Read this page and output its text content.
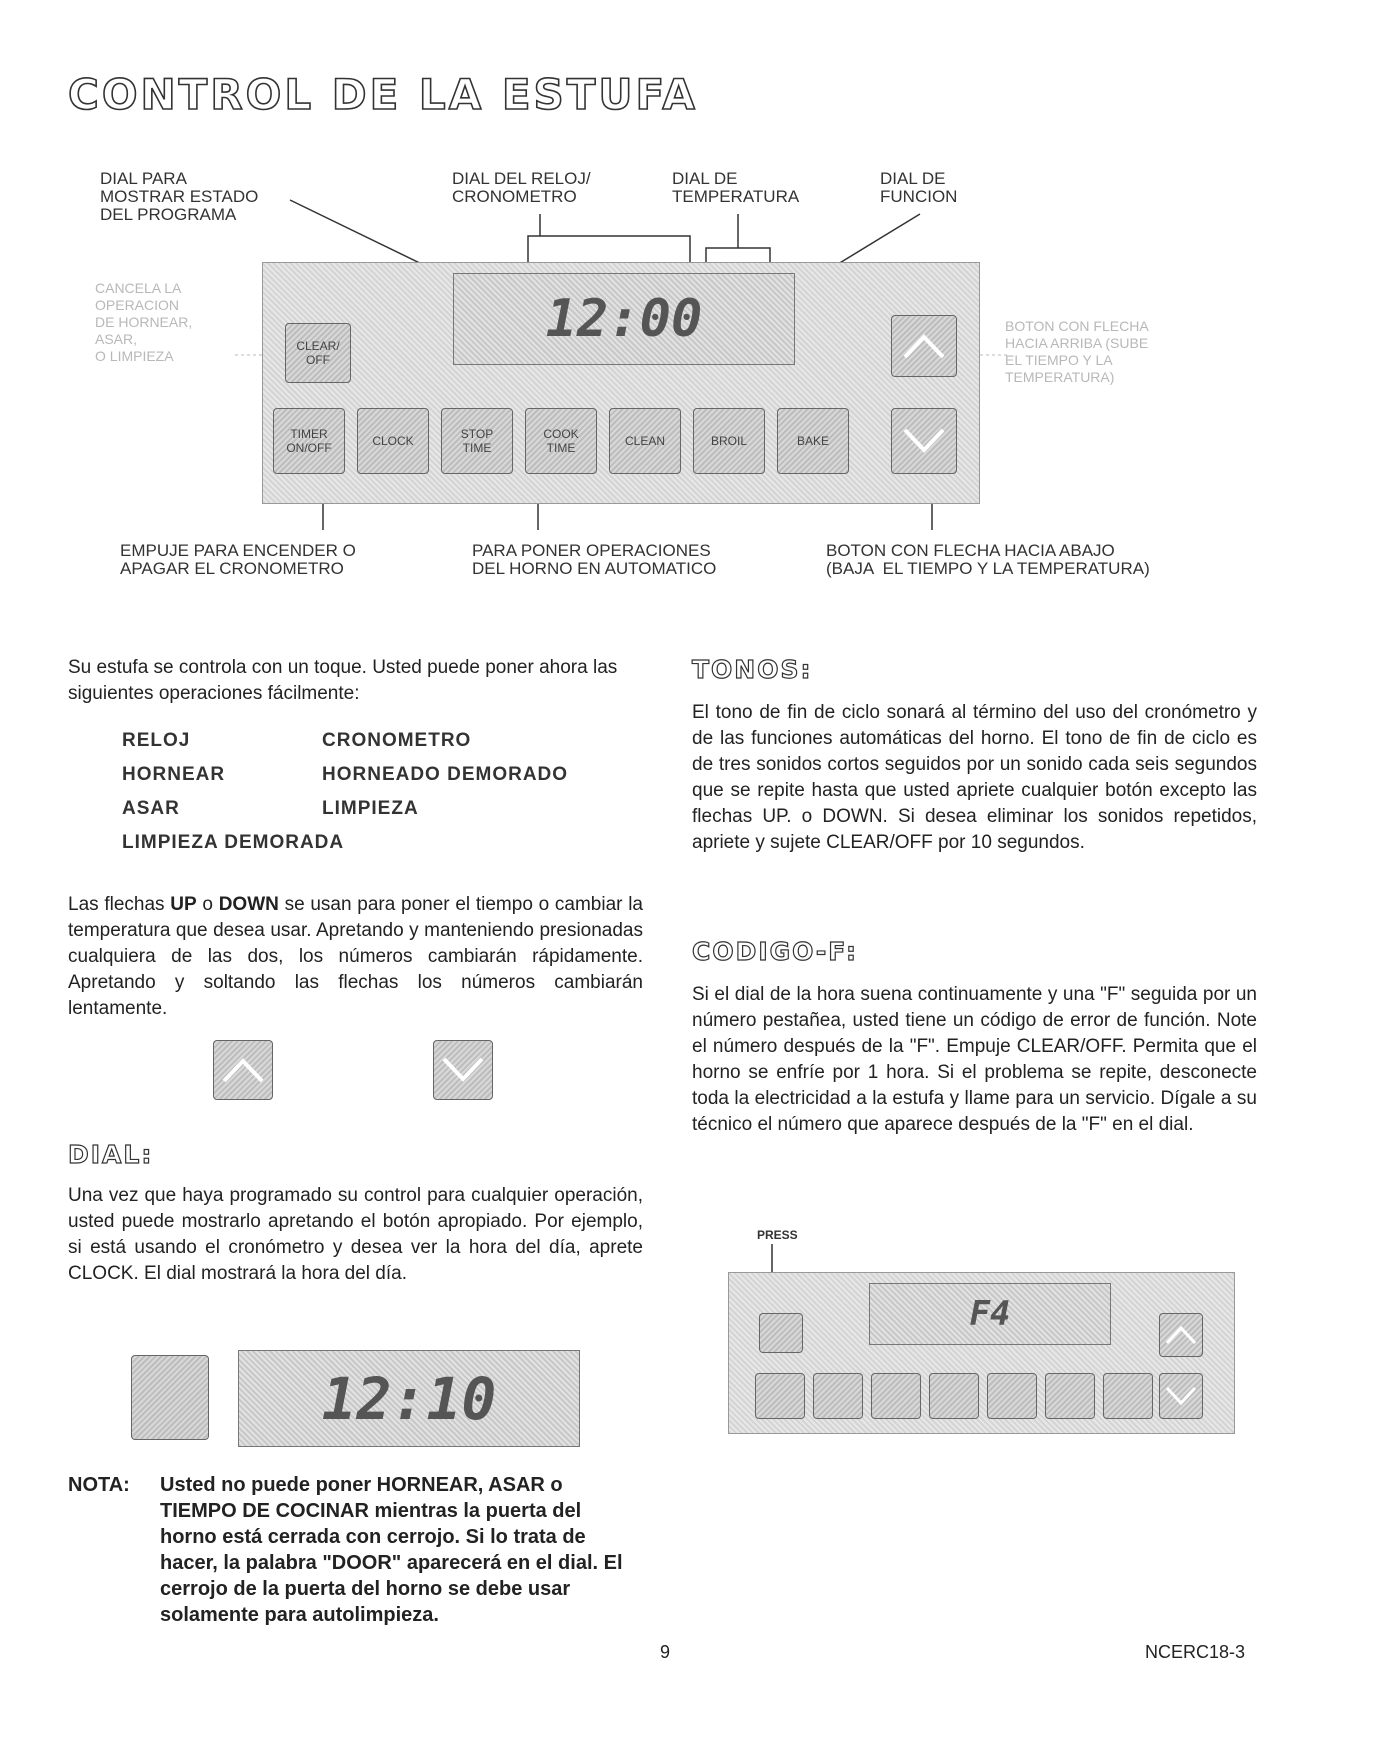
CONTROL DE LA ESTUFA
DIAL PARA
MOSTRAR ESTADO
DEL PROGRAMA
DIAL DEL RELOJ/
CRONOMETRO
DIAL DE
TEMPERATURA
DIAL DE
FUNCION
CANCELA LA
OPERACION
DE HORNEAR,
ASAR,
O LIMPIEZA
BOTON CON FLECHA
HACIA ARRIBA (SUBE
EL TIEMPO Y LA
TEMPERATURA)
12:00
CLEAR/
OFF
TIMER
ON/OFF	CLOCK	STOP
TIME
COOK
TIME	CLEAN	BROIL	BAKE
EMPUJE PARA ENCENDER O
APAGAR EL CRONOMETRO
PARA PONER OPERACIONES
DEL HORNO EN AUTOMATICO
BOTON CON FLECHA HACIA ABAJO
(BAJA  EL TIEMPO Y LA TEMPERATURA)
Su estufa se controla con un toque. Usted puede poner ahora las siguientes operaciones fácilmente:
RELOJ	CRONOMETRO
HORNEAR	HORNEADO DEMORADO
ASAR	LIMPIEZA
LIMPIEZA DEMORADA
Las flechas UP o DOWN se usan para poner el tiempo o cambiar la temperatura que desea usar. Apretando y manteniendo presionadas cualquiera de las dos, los números cambiarán rápidamente. Apretando y soltando las flechas los números cambiarán lentamente.
DIAL:
Una vez que haya programado su control para cualquier operación, usted puede mostrarlo apretando el botón apropiado. Por ejemplo, si está usando el cronómetro y desea ver la hora del día, aprete CLOCK. El dial mostrará la hora del día.
12:10
NOTA: Usted no puede poner HORNEAR, ASAR o TIEMPO DE COCINAR mientras la puerta del horno está cerrada con cerrojo. Si lo trata de hacer, la palabra "DOOR" aparecerá en el dial. El cerrojo de la puerta del horno se debe usar solamente para autolimpieza.
TONOS:
El tono de fin de ciclo sonará al término del uso del cronómetro y de las funciones automáticas del horno. El tono de fin de ciclo es de tres sonidos cortos seguidos por un sonido cada seis segundos que se repite hasta que usted apriete cualquier botón excepto las flechas UP. o DOWN. Si desea eliminar los sonidos repetidos, apriete y sujete CLEAR/OFF por 10 segundos.
CODIGO-F:
Si el dial de la hora suena continuamente y una "F" seguida por un número pestañea, usted tiene un código de error de función. Note el número después de la "F". Empuje CLEAR/OFF. Permita que el horno se enfríe por 1 hora. Si el problema se repite, desconecte toda la electricidad a la estufa y llame para un servicio. Dígale a su técnico el número que aparece después de la "F" en el dial.
PRESS
F4
9	NCERC18-3
